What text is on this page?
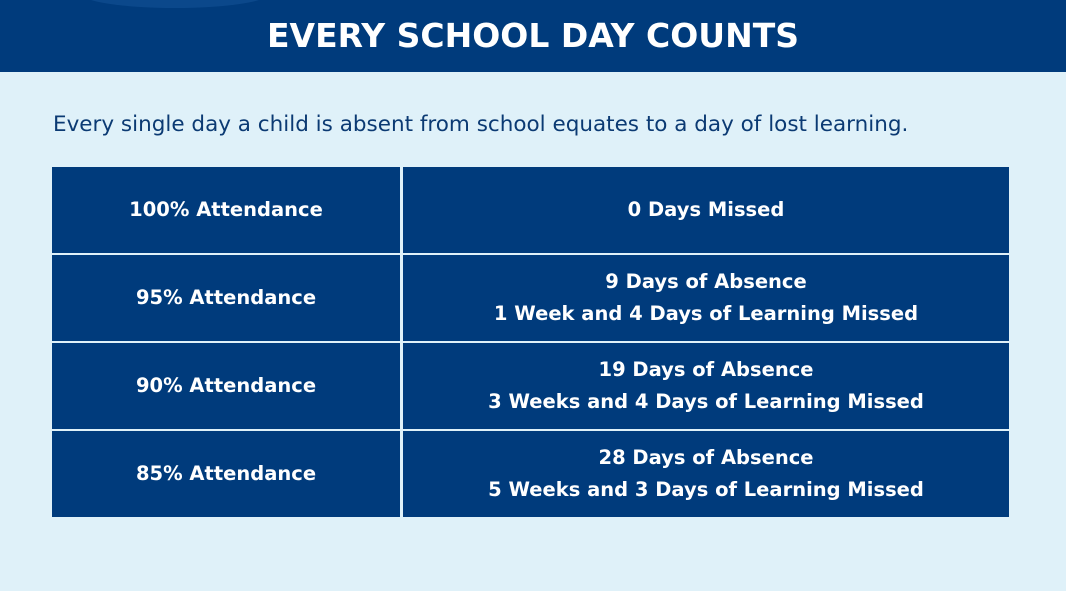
EVERY SCHOOL DAY COUNTS
Every single day a child is absent from school equates to a day of lost learning.
100% Attendance	0 Days Missed
95% Attendance
9 Days of Absence
1 Week and 4 Days of Learning Missed
90% Attendance
19 Days of Absence
3 Weeks and 4 Days of Learning Missed
85% Attendance
28 Days of Absence
5 Weeks and 3 Days of Learning Missed
